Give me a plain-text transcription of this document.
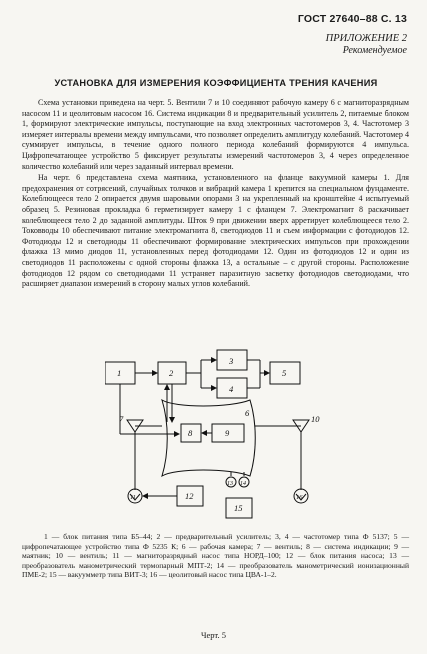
ГОСТ 27640–88 С. 13
ПРИЛОЖЕНИЕ 2
Рекомендуемое
УСТАНОВКА ДЛЯ ИЗМЕРЕНИЯ КОЭФФИЦИЕНТА ТРЕНИЯ КАЧЕНИЯ

Схема установки приведена на черт. 5. Вентили 7 и 10 соединяют рабочую камеру 6 с магниторазрядным насосом 11 и цеолитовым насосом 16. Система индикации 8 и предварительный усилитель 2, питаемые блоком 1, формируют электрические импульсы, поступающие на вход электронных частотомеров 3, 4. Частотомер 3 измеряет интервалы времени между импульсами, что позволяет определить амплитуду колебаний. Частотомер 4 суммирует импульсы, в течение одного полного периода колебаний формируются 4 импульса. Цифропечатающее устройство 5 фиксирует результаты измерений частотомеров 3, 4 через определенное количество колебаний или через заданный интервал времени.

На черт. 6 представлена схема маятника, установленного на фланце вакуумной камеры 1. Для предохранения от сотрясений, случайных толчков и вибраций камера 1 крепится на специальном фундаменте. Колеблющееся тело 2 опирается двумя шаровыми опорами 3 на укрепленный на кронштейне 4 испытуемый образец 5. Резиновая прокладка 6 герметизирует камеру 1 с фланцем 7. Электромагнит 8 раскачивает колеблющееся тело 2 до заданной амплитуды. Шток 9 при движении вверх арретирует колеблющееся тело 2. Токовводы 10 обеспечивают питание электромагнита 8, светодиодов 11 и съем информации с фотодиодов 12. Фотодиоды 12 и светодиоды 11 обеспечивают формирование электрических импульсов при прохождении флажка 13 мимо диодов 11, установленных перед фотодиодами 12. Один из фотодиодов 12 и один из светодиодов 11 расположены с одной стороны флажка 13, а остальные – с другой стороны. Расположение фотодиодов 12 рядом со светодиодами 11 устраняет паразитную засветку фотодиодов светодиодами, что расширяет диапазон измерений в сторону малых углов колебаний.

1	2
3
4
5
6
7
8	9
10
11	12
13 14
15
16

1 — блок питания типа Б5–44; 2 — предварительный усилитель; 3, 4 — частотомер типа Ф 5137; 5 — цифропечатающее устройство типа Ф 5235 К; 6 — рабочая камера; 7 — вентиль; 8 — система индикации; 9 — маятник; 10 — вентиль; 11 — магниторазрядный насос типа НОРД–100; 12 — блок питания насоса; 13 — преобразователь манометрический термопарный МПТ-2; 14 — преобразователь манометрический ионизационный ПМЕ-2; 15 — вакуумметр типа ВИТ-3; 16 — цеолитовый насос типа ЦВА-1–2.

Черт. 5
